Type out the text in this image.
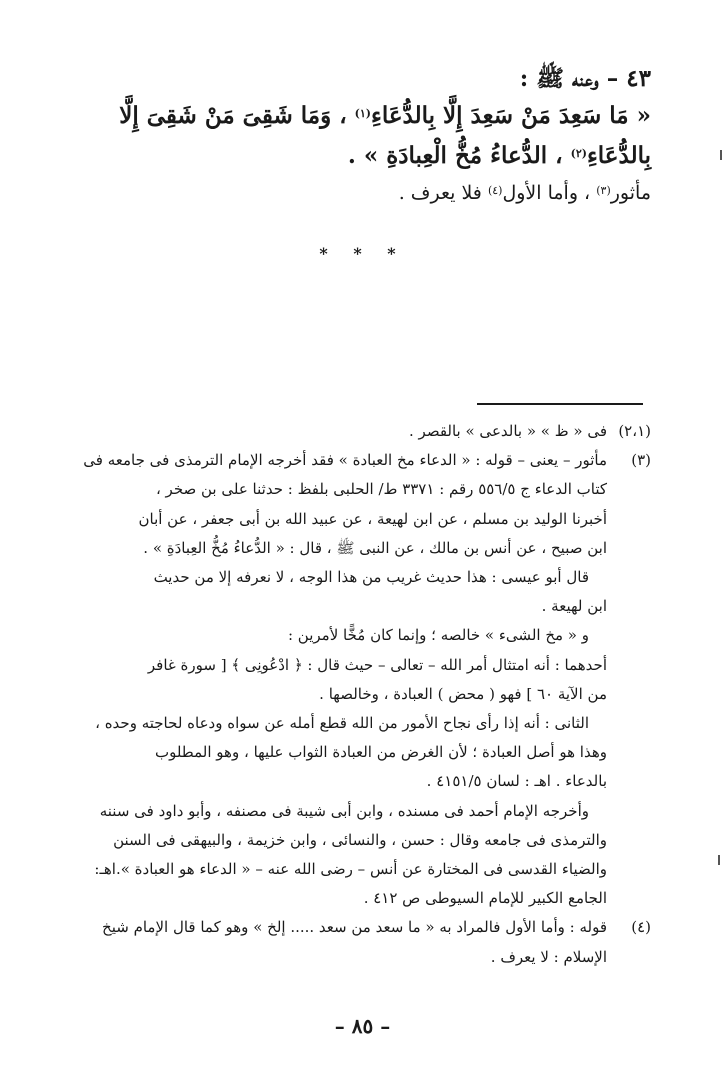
٤٣ – وعنه ﷺ :

« مَا سَعِدَ مَنْ سَعِدَ إِلَّا بِالدُّعَاءِ$^{(١)}$ ، وَمَا شَقِىَ مَنْ شَقِىَ إِلَّا
بِالدُّعَاءِ$^{(٢)}$ ، الدُّعاءُ مُخُّ الْعِبادَةِ » .

مأثور$^{(٣)}$ ، وأما الأول$^{(٤)}$ فلا يعرف .

* * *

(٢،١)
فى « ظ » « بالدعى » بالقصر .

(٣)
مأثور – يعنى – قوله : « الدعاء مخ العبادة » فقد أخرجه الإمام الترمذى فى جامعه فى
كتاب الدعاء ج ٥٥٦/٥ رقم : ٣٣٧١ ط/ الحلبى بلفظ : حدثنا على بن صخر ،
أخبرنا الوليد بن مسلم ، عن ابن لهيعة ، عن عبيد الله بن أبى جعفر ، عن أبان
ابن صبيح ، عن أنس بن مالك ، عن النبى ﷺ ، قال : « الدُّعاءُ مُخُّ العِبادَةِ » .

قال أبو عيسى : هذا حديث غريب من هذا الوجه ، لا نعرفه إلا من حديث
ابن لهيعة .

و « مخ الشىء » خالصه ؛ وإنما كان مُخًّا لأمرين :

أحدهما : أنه امتثال أمر الله – تعالى – حيث قال : ﴿ ادْعُونِى ﴾ [ سورة غافر
من الآية ٦٠ ] فهو ( محض ) العبادة ، وخالصها .

الثانى : أنه إذا رأى نجاح الأمور من الله قطع أمله عن سواه ودعاه لحاجته وحده ،
وهذا هو أصل العبادة ؛ لأن الغرض من العبادة الثواب عليها ، وهو المطلوب
بالدعاء . اهـ : لسان ٤١٥١/٥ .

وأخرجه الإمام أحمد فى مسنده ، وابن أبى شيبة فى مصنفه ، وأبو داود فى سننه
والترمذى فى جامعه وقال : حسن ، والنسائى ، وابن خزيمة ، والبيهقى فى السنن
والضياء القدسى فى المختارة عن أنس – رضى الله عنه – « الدعاء هو العبادة ».اهـ:
الجامع الكبير للإمام السيوطى ص ٤١٢ .

(٤)
قوله : وأما الأول فالمراد به « ما سعد من سعد ..... إلخ » وهو كما قال الإمام شيخ
الإسلام : لا يعرف .

– ٨٥ –
